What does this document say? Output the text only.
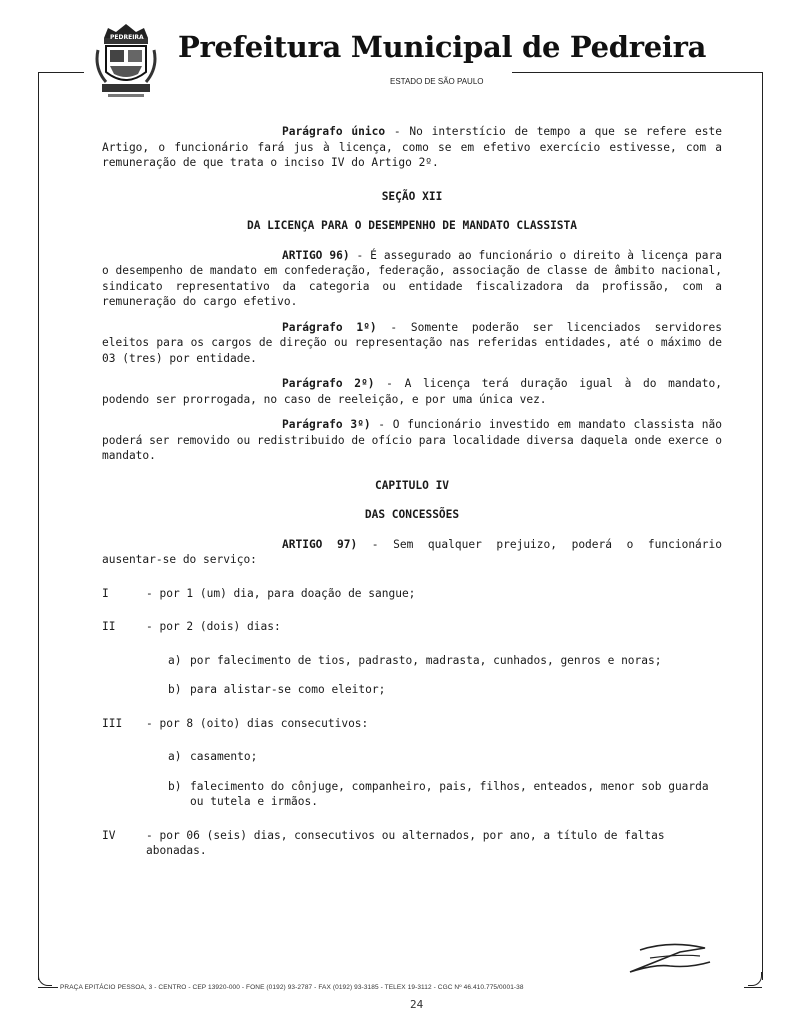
PEDREIRA Prefeitura Municipal de Pedreira
ESTADO DE SÃO PAULO

Parágrafo único - No interstício de tempo a que se refere este Artigo, o funcionário fará jus à licença, como se em efetivo exercício estivesse, com a remuneração de que trata o inciso IV do Artigo 2º.

SEÇÃO XII

DA LICENÇA PARA O DESEMPENHO DE MANDATO CLASSISTA

ARTIGO 96) - É assegurado ao funcionário o direito à licença para o desempenho de mandato em confederação, federação, associação de classe de âmbito nacional, sindicato representativo da categoria ou entidade fiscalizadora da profissão, com a remuneração do cargo efetivo.

Parágrafo 1º) - Somente poderão ser licenciados servidores eleitos para os cargos de direção ou representação nas referidas entidades, até o máximo de 03 (tres) por entidade.

Parágrafo 2º) - A licença terá duração igual à do mandato, podendo ser prorrogada, no caso de reeleição, e por uma única vez.

Parágrafo 3º) - O funcionário investido em mandato classista não poderá ser removido ou redistribuido de ofício para localidade diversa daquela onde exerce o mandato.

CAPITULO IV

DAS CONCESSÕES

ARTIGO 97) - Sem qualquer prejuizo, poderá o funcionário ausentar-se do serviço:

I	- por 1 (um) dia, para doação de sangue;
II	- por 2 (dois) dias:
a) por falecimento de tios, padrasto, madrasta, cunhados, genros e noras;
b) para alistar-se como eleitor;
III	- por 8 (oito) dias consecutivos:
a) casamento;
b) falecimento do cônjuge, companheiro, pais, filhos, enteados, menor sob guarda ou tutela e irmãos.
IV	- por 06 (seis) dias, consecutivos ou alternados, por ano, a título de faltas abonadas.
PRAÇA EPITÁCIO PESSOA, 3 - CENTRO - CEP 13920-000 - FONE (0192) 93-2787 - FAX (0192) 93-3185 - TELEX 19-3112 - CGC Nº 46.410.775/0001-38
24
